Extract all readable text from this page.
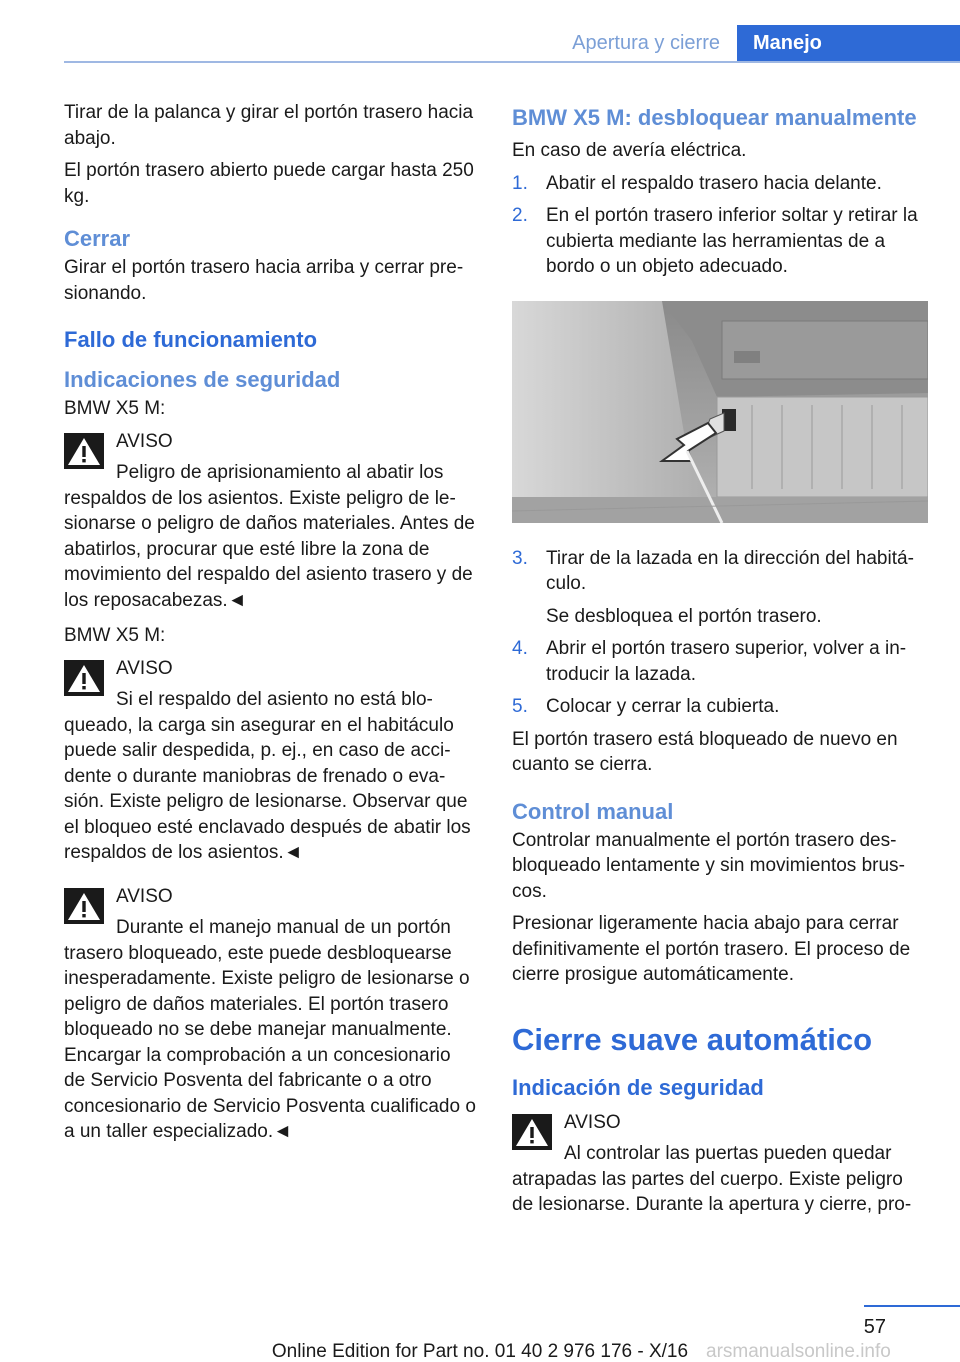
Apertura y cierre	Manejo

Tirar de la palanca y girar el portón trasero hacia abajo.

El portón trasero abierto puede cargar hasta 250 kg.

Cerrar

Girar el portón trasero hacia arriba y cerrar presionando.

Fallo de funcionamiento
Indicaciones de seguridad

BMW X5 M:

AVISO
Peligro de aprisionamiento al abatir los respaldos de los asientos. Existe peligro de lesionarse o peligro de daños materiales. Antes de abatirlos, procurar que esté libre la zona de movimiento del respaldo del asiento trasero y de los reposacabezas.◄

BMW X5 M:

AVISO
Si el respaldo del asiento no está bloqueado, la carga sin asegurar en el habitáculo puede salir despedida, p. ej., en caso de accidente o durante maniobras de frenado o evasión. Existe peligro de lesionarse. Observar que el bloqueo esté enclavado después de abatir los respaldos de los asientos.◄
AVISO
Durante el manejo manual de un portón trasero bloqueado, este puede desbloquearse inesperadamente. Existe peligro de lesionarse o peligro de daños materiales. El portón trasero bloqueado no se debe manejar manualmente. Encargar la comprobación a un concesionario de Servicio Posventa del fabricante o a otro concesionario de Servicio Posventa cualificado o a un taller especializado.◄
BMW X5 M: desbloquear manualmente

En caso de avería eléctrica.

1. Abatir el respaldo trasero hacia delante.
2. En el portón trasero inferior soltar y retirar la cubierta mediante las herramientas de a bordo o un objeto adecuado.
3. Tirar de la lazada en la dirección del habitáculo.
Se desbloquea el portón trasero.
4. Abrir el portón trasero superior, volver a introducir la lazada.
5. Colocar y cerrar la cubierta.

El portón trasero está bloqueado de nuevo en cuanto se cierra.

Control manual

Controlar manualmente el portón trasero desbloqueado lentamente y sin movimientos bruscos.

Presionar ligeramente hacia abajo para cerrar definitivamente el portón trasero. El proceso de cierre prosigue automáticamente.

Cierre suave automático
Indicación de seguridad
AVISO
Al controlar las puertas pueden quedar atrapadas las partes del cuerpo. Existe peligro de lesionarse. Durante la apertura y cierre, pro-
57
Online Edition for Part no. 01 40 2 976 176 - X/16 arsmanualsonline.info
